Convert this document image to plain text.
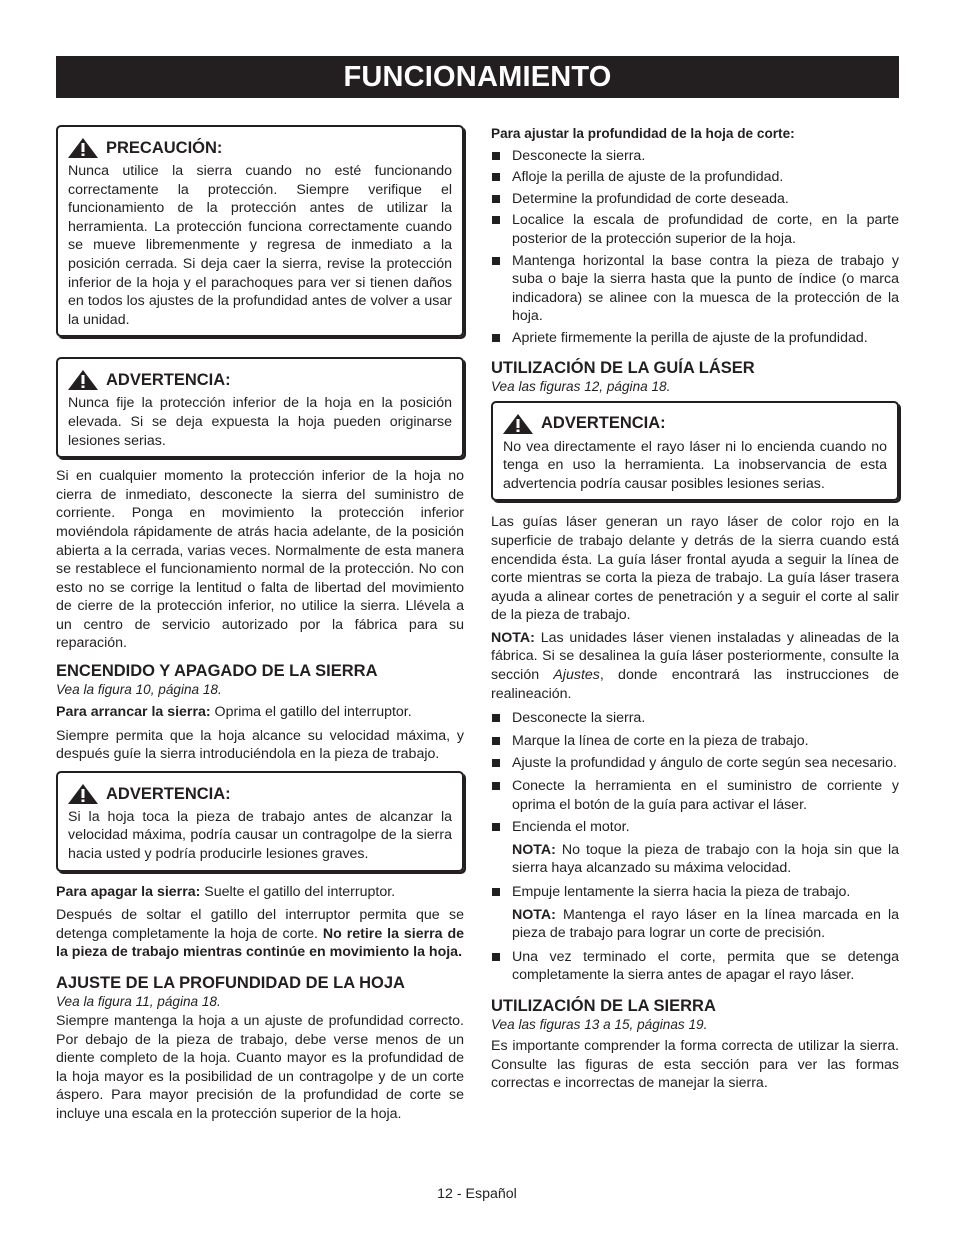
FUNCIONAMIENTO
PRECAUCIÓN:

Nunca utilice la sierra cuando no esté funcionando correctamente la protección. Siempre verifique el funcionamiento de la protección antes de utilizar la herramienta. La protección funciona correctamente cuando se mueve libremenmente y regresa de inmediato a la posición cerrada. Si deja caer la sierra, revise la protección inferior de la hoja y el parachoques para ver si tienen daños en todos los ajustes de la profundidad antes de volver a usar la unidad.

ADVERTENCIA:

Nunca fije la protección inferior de la hoja en la posición elevada. Si se deja expuesta la hoja pueden originarse lesiones serias.

Si en cualquier momento la protección inferior de la hoja no cierra de inmediato, desconecte la sierra del suministro de corriente. Ponga en movimiento la protección inferior moviéndola rápidamente de atrás hacia adelante, de la posición abierta a la cerrada, varias veces. Normalmente de esta manera se restablece el funcionamiento normal de la protección. No con esto no se corrige la lentitud o falta de libertad del movimiento de cierre de la protección inferior, no utilice la sierra. Llévela a un centro de servicio autorizado por la fábrica para su reparación.

ENCENDIDO Y APAGADO DE LA SIERRA
Vea la figura 10, página 18.

Para arrancar la sierra: Oprima el gatillo del interruptor.

Siempre permita que la hoja alcance su velocidad máxima, y después guíe la sierra introduciéndola en la pieza de trabajo.

ADVERTENCIA:

Si la hoja toca la pieza de trabajo antes de alcanzar la velocidad máxima, podría causar un contragolpe de la sierra hacia usted y podría producirle lesiones graves.

Para apagar la sierra: Suelte el gatillo del interruptor.

Después de soltar el gatillo del interruptor permita que se detenga completamente la hoja de corte. No retire la sierra de la pieza de trabajo mientras continúe en movimiento la hoja.

AJUSTE DE LA PROFUNDIDAD DE LA HOJA
Vea la figura 11, página 18.

Siempre mantenga la hoja a un ajuste de profundidad correcto. Por debajo de la pieza de trabajo, debe verse menos de un diente completo de la hoja. Cuanto mayor es la profundidad de la hoja mayor es la posibilidad de un contragolpe y de un corte áspero. Para mayor precisión de la profundidad de corte se incluye una escala en la protección superior de la hoja.

Para ajustar la profundidad de la hoja de corte:
Desconecte la sierra.
Afloje la perilla de ajuste de la profundidad.
Determine la profundidad de corte deseada.
Localice la escala de profundidad de corte, en la parte posterior de la protección superior de la hoja.
Mantenga horizontal la base contra la pieza de trabajo y suba o baje la sierra hasta que la punto de índice (o marca indicadora) se alinee con la muesca de la protección de la hoja.
Apriete firmemente la perilla de ajuste de la profundidad.
UTILIZACIÓN DE LA GUÍA LÁSER
Vea las figuras 12, página 18.
ADVERTENCIA:

No vea directamente el rayo láser ni lo encienda cuando no tenga en uso la herramienta. La inobservancia de esta advertencia podría causar posibles lesiones serias.

Las guías láser generan un rayo láser de color rojo en la superficie de trabajo delante y detrás de la sierra cuando está encendida ésta. La guía láser frontal ayuda a seguir la línea de corte mientras se corta la pieza de trabajo. La guía láser trasera ayuda a alinear cortes de penetración y a seguir el corte al salir de la pieza de trabajo.

NOTA: Las unidades láser vienen instaladas y alineadas de la fábrica. Si se desalinea la guía láser posteriormente, consulte la sección Ajustes, donde encontrará las instrucciones de realineación.

Desconecte la sierra.
Marque la línea de corte en la pieza de trabajo.
Ajuste la profundidad y ángulo de corte según sea necesario.
Conecte la herramienta en el suministro de corriente y oprima el botón de la guía para activar el láser.
Encienda el motor.

NOTA: No toque la pieza de trabajo con la hoja sin que la sierra haya alcanzado su máxima velocidad.

Empuje lentamente la sierra hacia la pieza de trabajo.

NOTA: Mantenga el rayo láser en la línea marcada en la pieza de trabajo para lograr un corte de precisión.

Una vez terminado el corte, permita que se detenga completamente la sierra antes de apagar el rayo láser.
UTILIZACIÓN DE LA SIERRA
Vea las figuras 13 a 15, páginas 19.

Es importante comprender la forma correcta de utilizar la sierra. Consulte las figuras de esta sección para ver las formas correctas e incorrectas de manejar la sierra.

12 - Español
